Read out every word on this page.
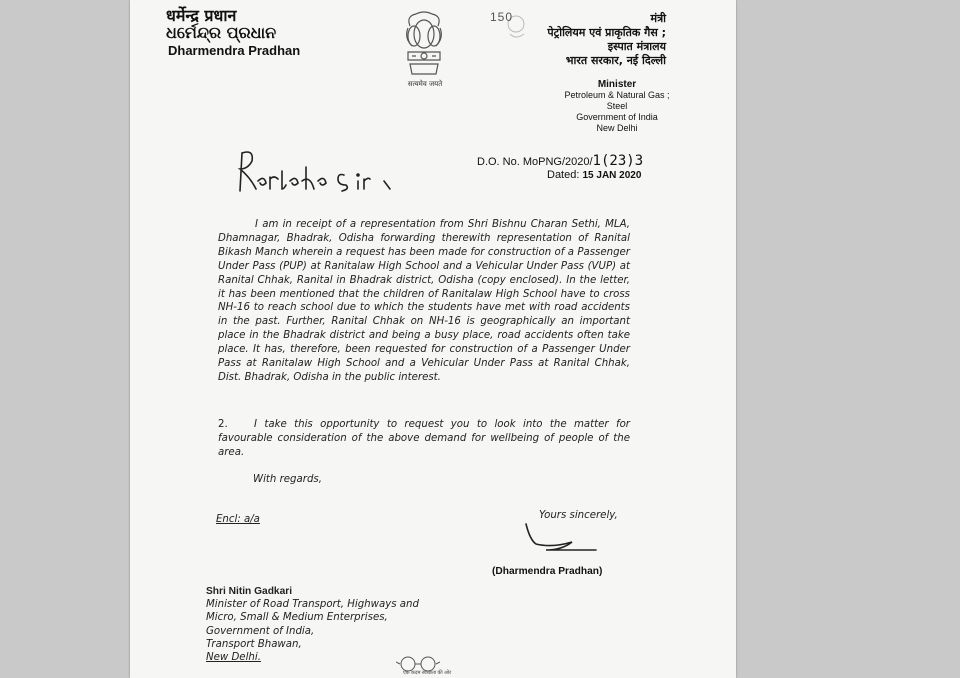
धर्मेन्द्र प्रधान
ଧର୍ମେନ୍ଦ୍ର ପ୍ରଧାନ
Dharmendra Pradhan
सत्यमेव जयते
150	मंत्री
पेट्रोलियम एवं प्राकृतिक गैस ;
इस्पात मंत्रालय
भारत सरकार, नई दिल्ली
Minister
Petroleum & Natural Gas ;
Steel
Government of India
New Delhi
D.O. No. MoPNG/2020/1(23)3
Dated: 15 JAN 2020
I am in receipt of a representation from Shri Bishnu Charan Sethi, MLA, Dhamnagar, Bhadrak, Odisha forwarding therewith representation of Ranital Bikash Manch wherein a request has been made for construction of a Passenger Under Pass (PUP) at Ranitalaw High School and a Vehicular Under Pass (VUP) at Ranital Chhak, Ranital in Bhadrak district, Odisha (copy enclosed). In the letter, it has been mentioned that the children of Ranitalaw High School have to cross NH-16 to reach school due to which the students have met with road accidents in the past. Further, Ranital Chhak on NH-16 is geographically an important place in the Bhadrak district and being a busy place, road accidents often take place. It has, therefore, been requested for construction of a Passenger Under Pass at Ranitalaw High School and a Vehicular Under Pass at Ranital Chhak, Dist. Bhadrak, Odisha in the public interest.
2.	I take this opportunity to request you to look into the matter for favourable consideration of the above demand for wellbeing of people of the area.
With regards,
Encl: a/a	Yours sincerely,
(Dharmendra Pradhan)
Shri Nitin Gadkari
Minister of Road Transport, Highways and
Micro, Small & Medium Enterprises,
Government of India,
Transport Bhawan,
New Delhi.
एक कदम स्वच्छता की ओर
